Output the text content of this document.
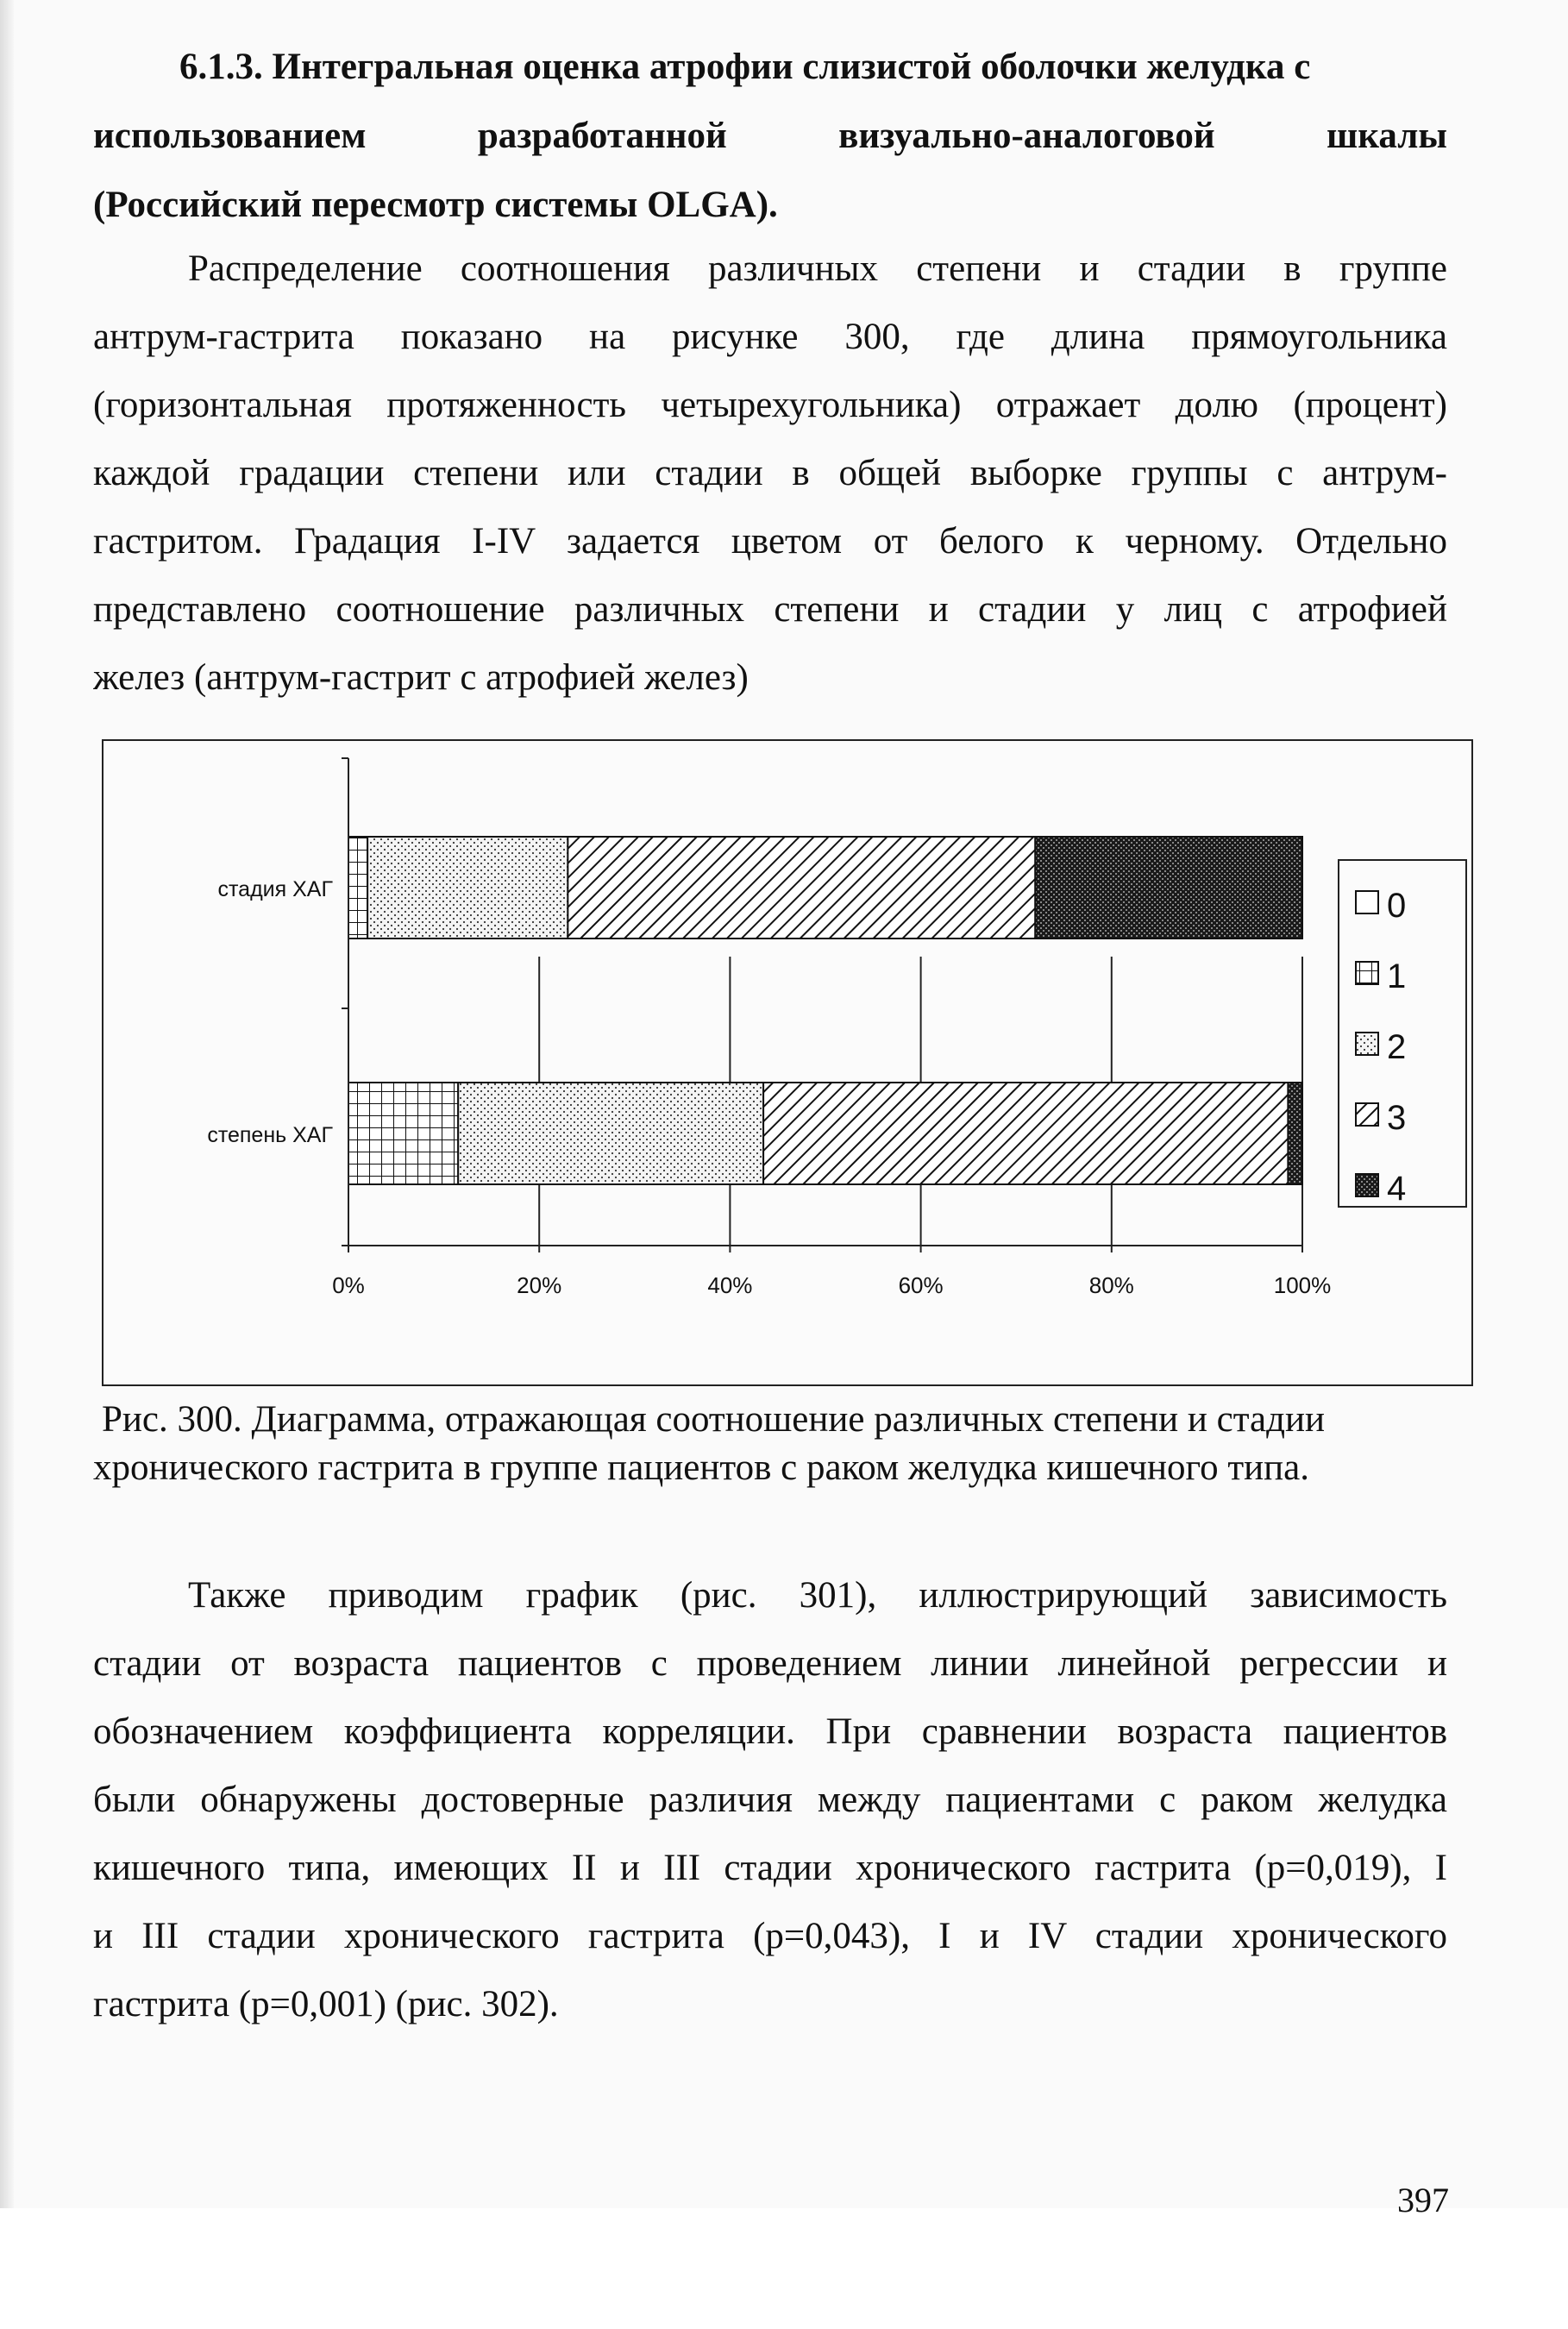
6.1.3. Интегральная оценка атрофии слизистой оболочки желудка с
использованием	разработанной	визуально-аналоговой	шкалы
(Российский пересмотр системы OLGA).
Распределение соотношения различных степени и стадии в группе
антрум-гастрита показано на рисунке 300, где длина прямоугольника
(горизонтальная протяженность четырехугольника) отражает долю (процент)
каждой градации степени или стадии в общей выборке группы с антрум-
гастритом. Градация I-IV задается цветом от белого к черному. Отдельно
представлено соотношение различных степени и стадии у лиц с атрофией
желез (антрум-гастрит с атрофией желез)
0%	20%	40%	60%	80%	100%
степень ХАГ
стадия ХАГ	0
1
2
3
4
Рис. 300. Диаграмма, отражающая соотношение различных степени и стадии
хронического гастрита в группе пациентов с раком желудка кишечного типа.
Также приводим график (рис. 301), иллюстрирующий зависимость
стадии от возраста пациентов с проведением линии линейной регрессии и
обозначением коэффициента корреляции. При сравнении возраста пациентов
были обнаружены достоверные различия между пациентами с раком желудка
кишечного типа, имеющих II и III стадии хронического гастрита (p=0,019), I
и III стадии хронического гастрита (p=0,043), I и IV стадии хронического
гастрита (p=0,001) (рис. 302).
397
